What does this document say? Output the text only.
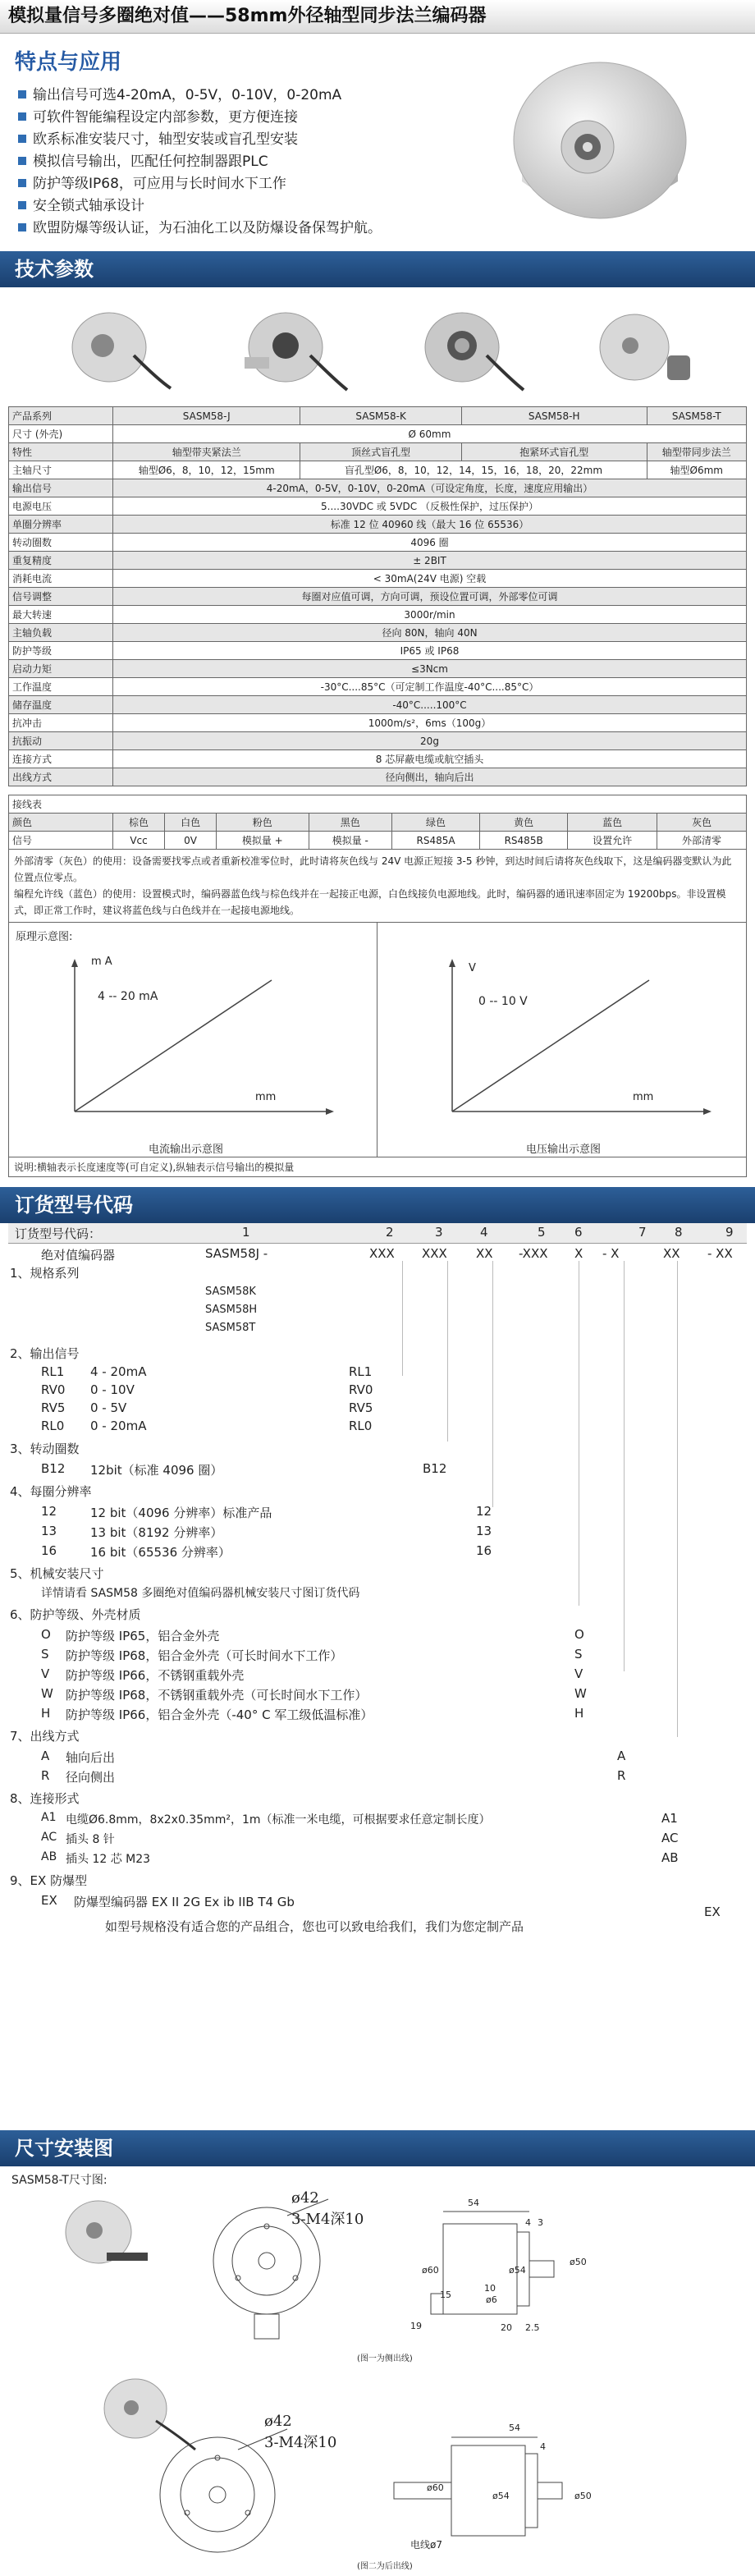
模拟量信号多圈绝对值——58mm外径轴型同步法兰编码器
特点与应用
输出信号可选4-20mA，0-5V，0-10V，0-20mA
可软件智能编程设定内部参数，更方便连接
欧系标准安装尺寸，轴型安装或盲孔型安装
模拟信号输出，匹配任何控制器跟PLC
防护等级IP68，可应用与长时间水下工作
安全锁式轴承设计
欧盟防爆等级认证，为石油化工以及防爆设备保驾护航。
技术参数
产品系列	SASM58-J	SASM58-K	SASM58-H	SASM58-T
尺寸 (外壳)	Ø 60mm			
特性	轴型带夹紧法兰	顶丝式盲孔型	抱紧环式盲孔型	轴型带同步法兰
主轴尺寸	轴型Ø6，8，10，12，15mm	盲孔型Ø6，8，10，12，14，15，16，18，20，22mm		轴型Ø6mm
输出信号	4-20mA，0-5V，0-10V，0-20mA（可设定角度，长度，速度应用输出）			
电源电压	5....30VDC 或 5VDC （反极性保护，过压保护）			
单圈分辨率	标准 12 位 40960 线（最大 16 位 65536）			
转动圈数	4096 圈			
重复精度	± 2BIT			
消耗电流	< 30mA(24V 电源) 空载			
信号调整	每圈对应值可调，方向可调，预设位置可调，外部零位可调			
最大转速	3000r/min			
主轴负载	径向 80N，轴向 40N			
防护等级	IP65 或 IP68			
启动力矩	≤3Ncm			
工作温度	-30°C....85°C（可定制工作温度-40°C....85°C）			
储存温度	-40°C.....100°C			
抗冲击	1000m/s²，6ms（100g）			
抗振动	20g			
连接方式	8 芯屏蔽电缆或航空插头			
出线方式	径向侧出，轴向后出			
接线表								
颜色	棕色	白色	粉色	黑色	绿色	黄色	蓝色	灰色
信号	Vcc	0V	模拟量 +	模拟量 -	RS485A	RS485B	设置允许	外部清零
外部清零（灰色）的使用：设备需要找零点或者重新校准零位时，此时请将灰色线与 24V 电源正短接 3-5 秒钟，到达时间后请将灰色线取下，这是编码器变默认为此位置点位零点。
编程允许线（蓝色）的使用：设置模式时，编码器蓝色线与棕色线并在一起接正电源，白色线接负电源地线。此时，编码器的通讯速率固定为 19200bps。非设置模式，即正常工作时，建议将蓝色线与白色线并在一起接电源地线。
原理示意图:
m A
4 -- 20 mA
mm
电流输出示意图
V
0 -- 10 V
mm
电压输出示意图
说明:横轴表示长度速度等(可自定义),纵轴表示信号输出的模拟量
订货型号代码
订货型号代码：	1	2	3	4	5 6	7 8	9
绝对值编码器	SASM58J -	XXX XXX XX -XXX X - X	XX - XX
1、规格系列
SASM58K
SASM58H
SASM58T
2、输出信号
RL1 4 - 20mA	RL1
RV0 0 - 10V	RV0
RV5 0 - 5V	RV5
RL0 0 - 20mA	RL0
3、转动圈数
B12 12bit（标准 4096 圈）	B12
4、每圈分辨率
12	12 bit（4096 分辨率）标准产品	12
13	13 bit（8192 分辨率）	13
16	16 bit（65536 分辨率）	16
5、机械安装尺寸
详情请看 SASM58 多圈绝对值编码器机械安装尺寸图订货代码
6、防护等级、外壳材质
O 防护等级 IP65，铝合金外壳	O
S 防护等级 IP68，铝合金外壳（可长时间水下工作）	S
V 防护等级 IP66，不锈钢重载外壳	V
W 防护等级 IP68，不锈钢重载外壳（可长时间水下工作）	W
H 防护等级 IP66，铝合金外壳（-40° C 军工级低温标准）	H
7、出线方式
A 轴向后出	A
R 径向侧出	R
8、连接形式
A1 电缆Ø6.8mm，8x2x0.35mm²，1m（标准一米电缆，可根据要求任意定制长度）	A1
AC 插头 8 针	AC
AB 插头 12 芯 M23	AB
9、EX 防爆型
EX 防爆型编码器 EX II 2G Ex ib IIB T4 Gb
EX
如型号规格没有适合您的产品组合，您也可以致电给我们，我们为您定制产品
尺寸安装图
SASM58-T尺寸图:
ø42
3-M4深10
54
4 3
ø60	ø54
ø50
15
10
ø6
19	20 2.5
(图一为侧出线)
ø42
3-M4深10
54
4
ø60
ø54	ø50
电线ø7
(图二为后出线)
